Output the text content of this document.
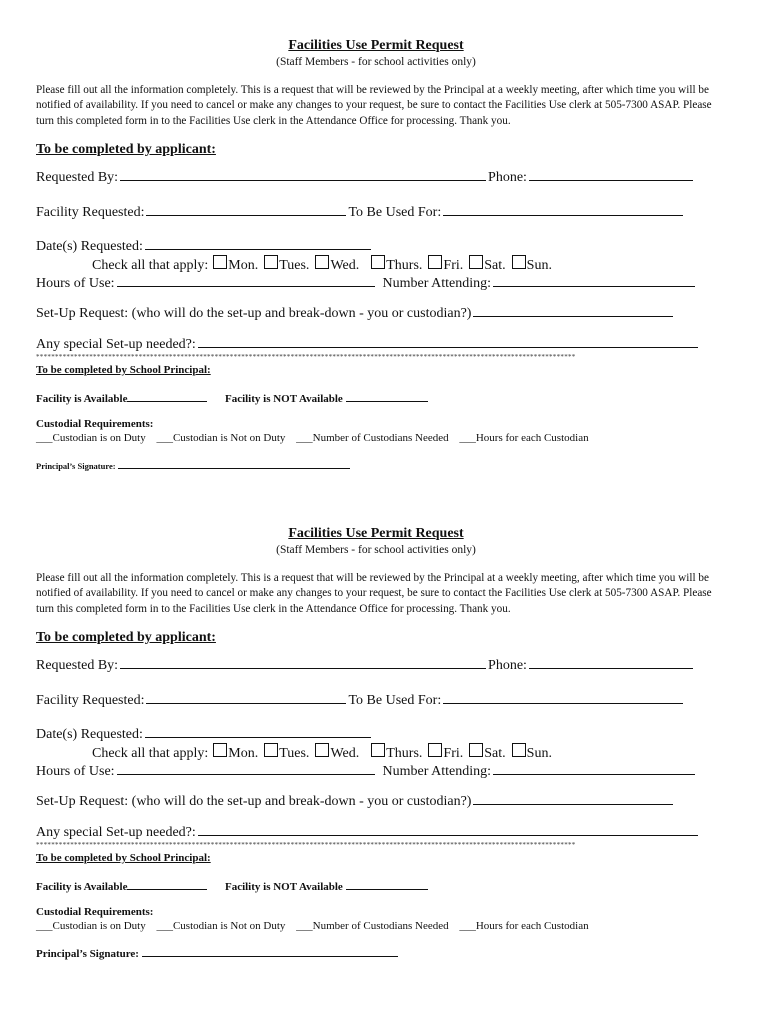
Facilities Use Permit Request
(Staff Members - for school activities only)
Please fill out all the information completely. This is a request that will be reviewed by the Principal at a weekly meeting, after which time you will be notified of availability. If you need to cancel or make any changes to your request, be sure to contact the Facilities Use clerk at 505-7300 ASAP. Please turn this completed form in to the Facilities Use clerk in the Attendance Office for processing. Thank you.
To be completed by applicant:
Requested By:	Phone:
Facility Requested:	To Be Used For:
Date(s) Requested:
Check all that apply: Mon. Tues. Wed. Thurs. Fri. Sat. Sun.
Hours of Use:	Number Attending:
Set-Up Request: (who will do the set-up and break-down - you or custodian?)
Any special Set-up needed?:
**********************************************************************************************************************************************
To be completed by School Principal:
Facility is Available	Facility is NOT Available
Custodial Requirements:
___Custodian is on Duty ___Custodian is Not on Duty ___Number of Custodians Needed ___Hours for each Custodian
Principal’s Signature:
Facilities Use Permit Request
(Staff Members - for school activities only)
Please fill out all the information completely. This is a request that will be reviewed by the Principal at a weekly meeting, after which time you will be notified of availability. If you need to cancel or make any changes to your request, be sure to contact the Facilities Use clerk at 505-7300 ASAP. Please turn this completed form in to the Facilities Use clerk in the Attendance Office for processing. Thank you.
To be completed by applicant:
Requested By:	Phone:
Facility Requested:	To Be Used For:
Date(s) Requested:
Check all that apply: Mon. Tues. Wed. Thurs. Fri. Sat. Sun.
Hours of Use:	Number Attending:
Set-Up Request: (who will do the set-up and break-down - you or custodian?)
Any special Set-up needed?:
**********************************************************************************************************************************************
To be completed by School Principal:
Facility is Available	Facility is NOT Available
Custodial Requirements:
___Custodian is on Duty ___Custodian is Not on Duty ___Number of Custodians Needed ___Hours for each Custodian
Principal’s Signature:
